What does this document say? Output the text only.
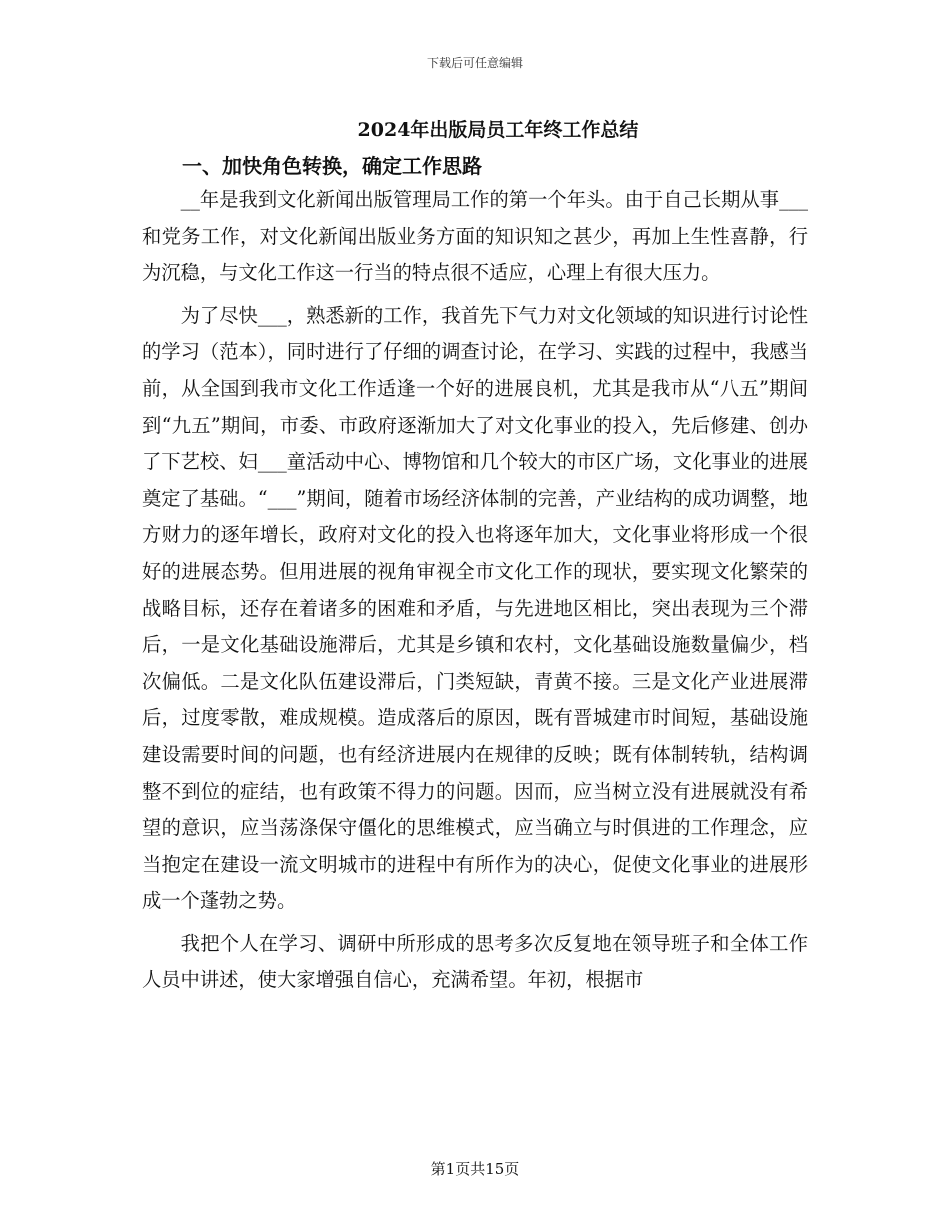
下载后可任意编辑
2024年出版局员工年终工作总结
一、加快角色转换，确定工作思路

__年是我到文化新闻出版管理局工作的第一个年头。由于自己长期从事___和党务工作，对文化新闻出版业务方面的知识知之甚少，再加上生性喜静，行为沉稳，与文化工作这一行当的特点很不适应，心理上有很大压力。

为了尽快___，熟悉新的工作，我首先下气力对文化领域的知识进行讨论性的学习（范本），同时进行了仔细的调查讨论，在学习、实践的过程中，我感当前，从全国到我市文化工作适逢一个好的进展良机，尤其是我市从“八五”期间到“九五”期间，市委、市政府逐渐加大了对文化事业的投入，先后修建、创办了下艺校、妇___童活动中心、博物馆和几个较大的市区广场，文化事业的进展奠定了基础。“___”期间，随着市场经济体制的完善，产业结构的成功调整，地方财力的逐年增长，政府对文化的投入也将逐年加大，文化事业将形成一个很好的进展态势。但用进展的视角审视全市文化工作的现状，要实现文化繁荣的战略目标，还存在着诸多的困难和矛盾，与先进地区相比，突出表现为三个滞后，一是文化基础设施滞后，尤其是乡镇和农村，文化基础设施数量偏少，档次偏低。二是文化队伍建设滞后，门类短缺，青黄不接。三是文化产业进展滞后，过度零散，难成规模。造成落后的原因，既有晋城建市时间短，基础设施建设需要时间的问题，也有经济进展内在规律的反映；既有体制转轨，结构调整不到位的症结，也有政策不得力的问题。因而，应当树立没有进展就没有希望的意识，应当荡涤保守僵化的思维模式，应当确立与时俱进的工作理念，应当抱定在建设一流文明城市的进程中有所作为的决心，促使文化事业的进展形成一个蓬勃之势。

我把个人在学习、调研中所形成的思考多次反复地在领导班子和全体工作人员中讲述，使大家增强自信心，充满希望。年初，根据市

第1页共15页
